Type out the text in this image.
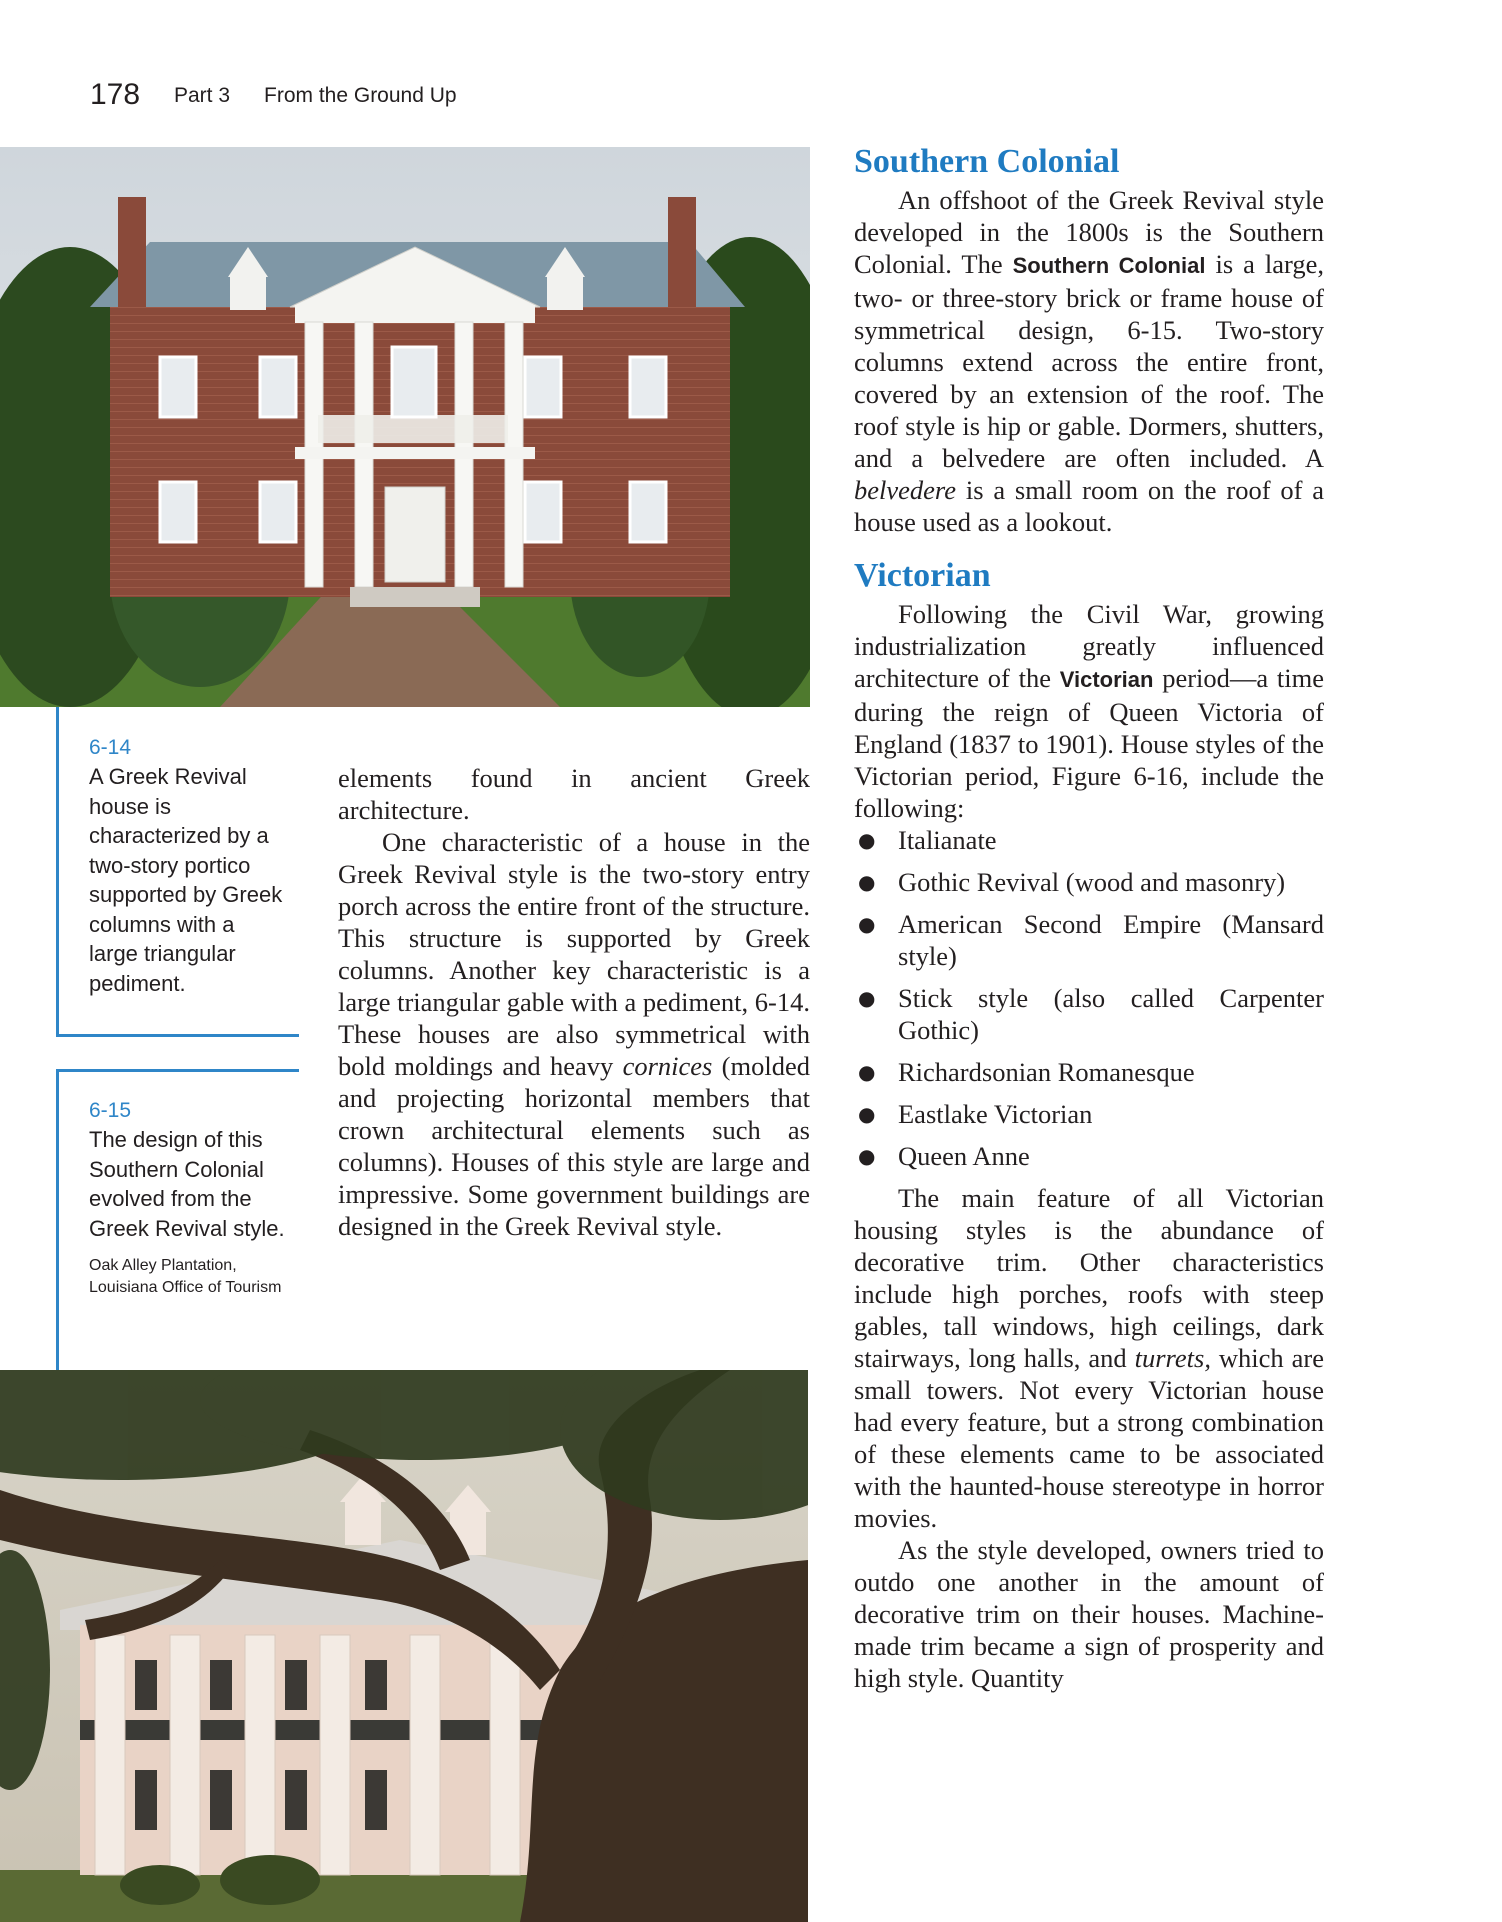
178 Part 3 From the Ground Up
6-14
A Greek Revival house is characterized by a two-story portico supported by Greek columns with a large triangular pediment.
6-15
The design of this Southern Colonial evolved from the Greek Revival style.
Oak Alley Plantation, Louisiana Office of Tourism

elements found in ancient Greek architecture.

One characteristic of a house in the Greek Revival style is the two-story entry porch across the entire front of the structure. This structure is supported by Greek columns. Another key characteristic is a large triangular gable with a pediment, 6-14. These houses are also symmetrical with bold moldings and heavy cornices (molded and projecting horizontal members that crown architectural elements such as columns). Houses of this style are large and impressive. Some government buildings are designed in the Greek Revival style.

Southern Colonial

An offshoot of the Greek Revival style developed in the 1800s is the Southern Colonial. The Southern Colonial is a large, two- or three-story brick or frame house of symmetrical design, 6-15. Two-story columns extend across the entire front, covered by an extension of the roof. The roof style is hip or gable. Dormers, shutters, and a belvedere are often included. A belvedere is a small room on the roof of a house used as a lookout.

Victorian

Following the Civil War, growing industrialization greatly influenced architecture of the Victorian period—a time during the reign of Queen Victoria of England (1837 to 1901). House styles of the Victorian period, Figure 6-16, include the following:

● Italianate
● Gothic Revival (wood and masonry)
● American Second Empire (Mansard style)
● Stick style (also called Carpenter Gothic)
● Richardsonian Romanesque
● Eastlake Victorian
● Queen Anne

The main feature of all Victorian housing styles is the abundance of decorative trim. Other characteristics include high porches, roofs with steep gables, tall windows, high ceilings, dark stairways, long halls, and turrets, which are small towers. Not every Victorian house had every feature, but a strong combination of these elements came to be associated with the haunted-house stereotype in horror movies.

As the style developed, owners tried to outdo one another in the amount of decorative trim on their houses. Machine-made trim became a sign of prosperity and high style. Quantity
